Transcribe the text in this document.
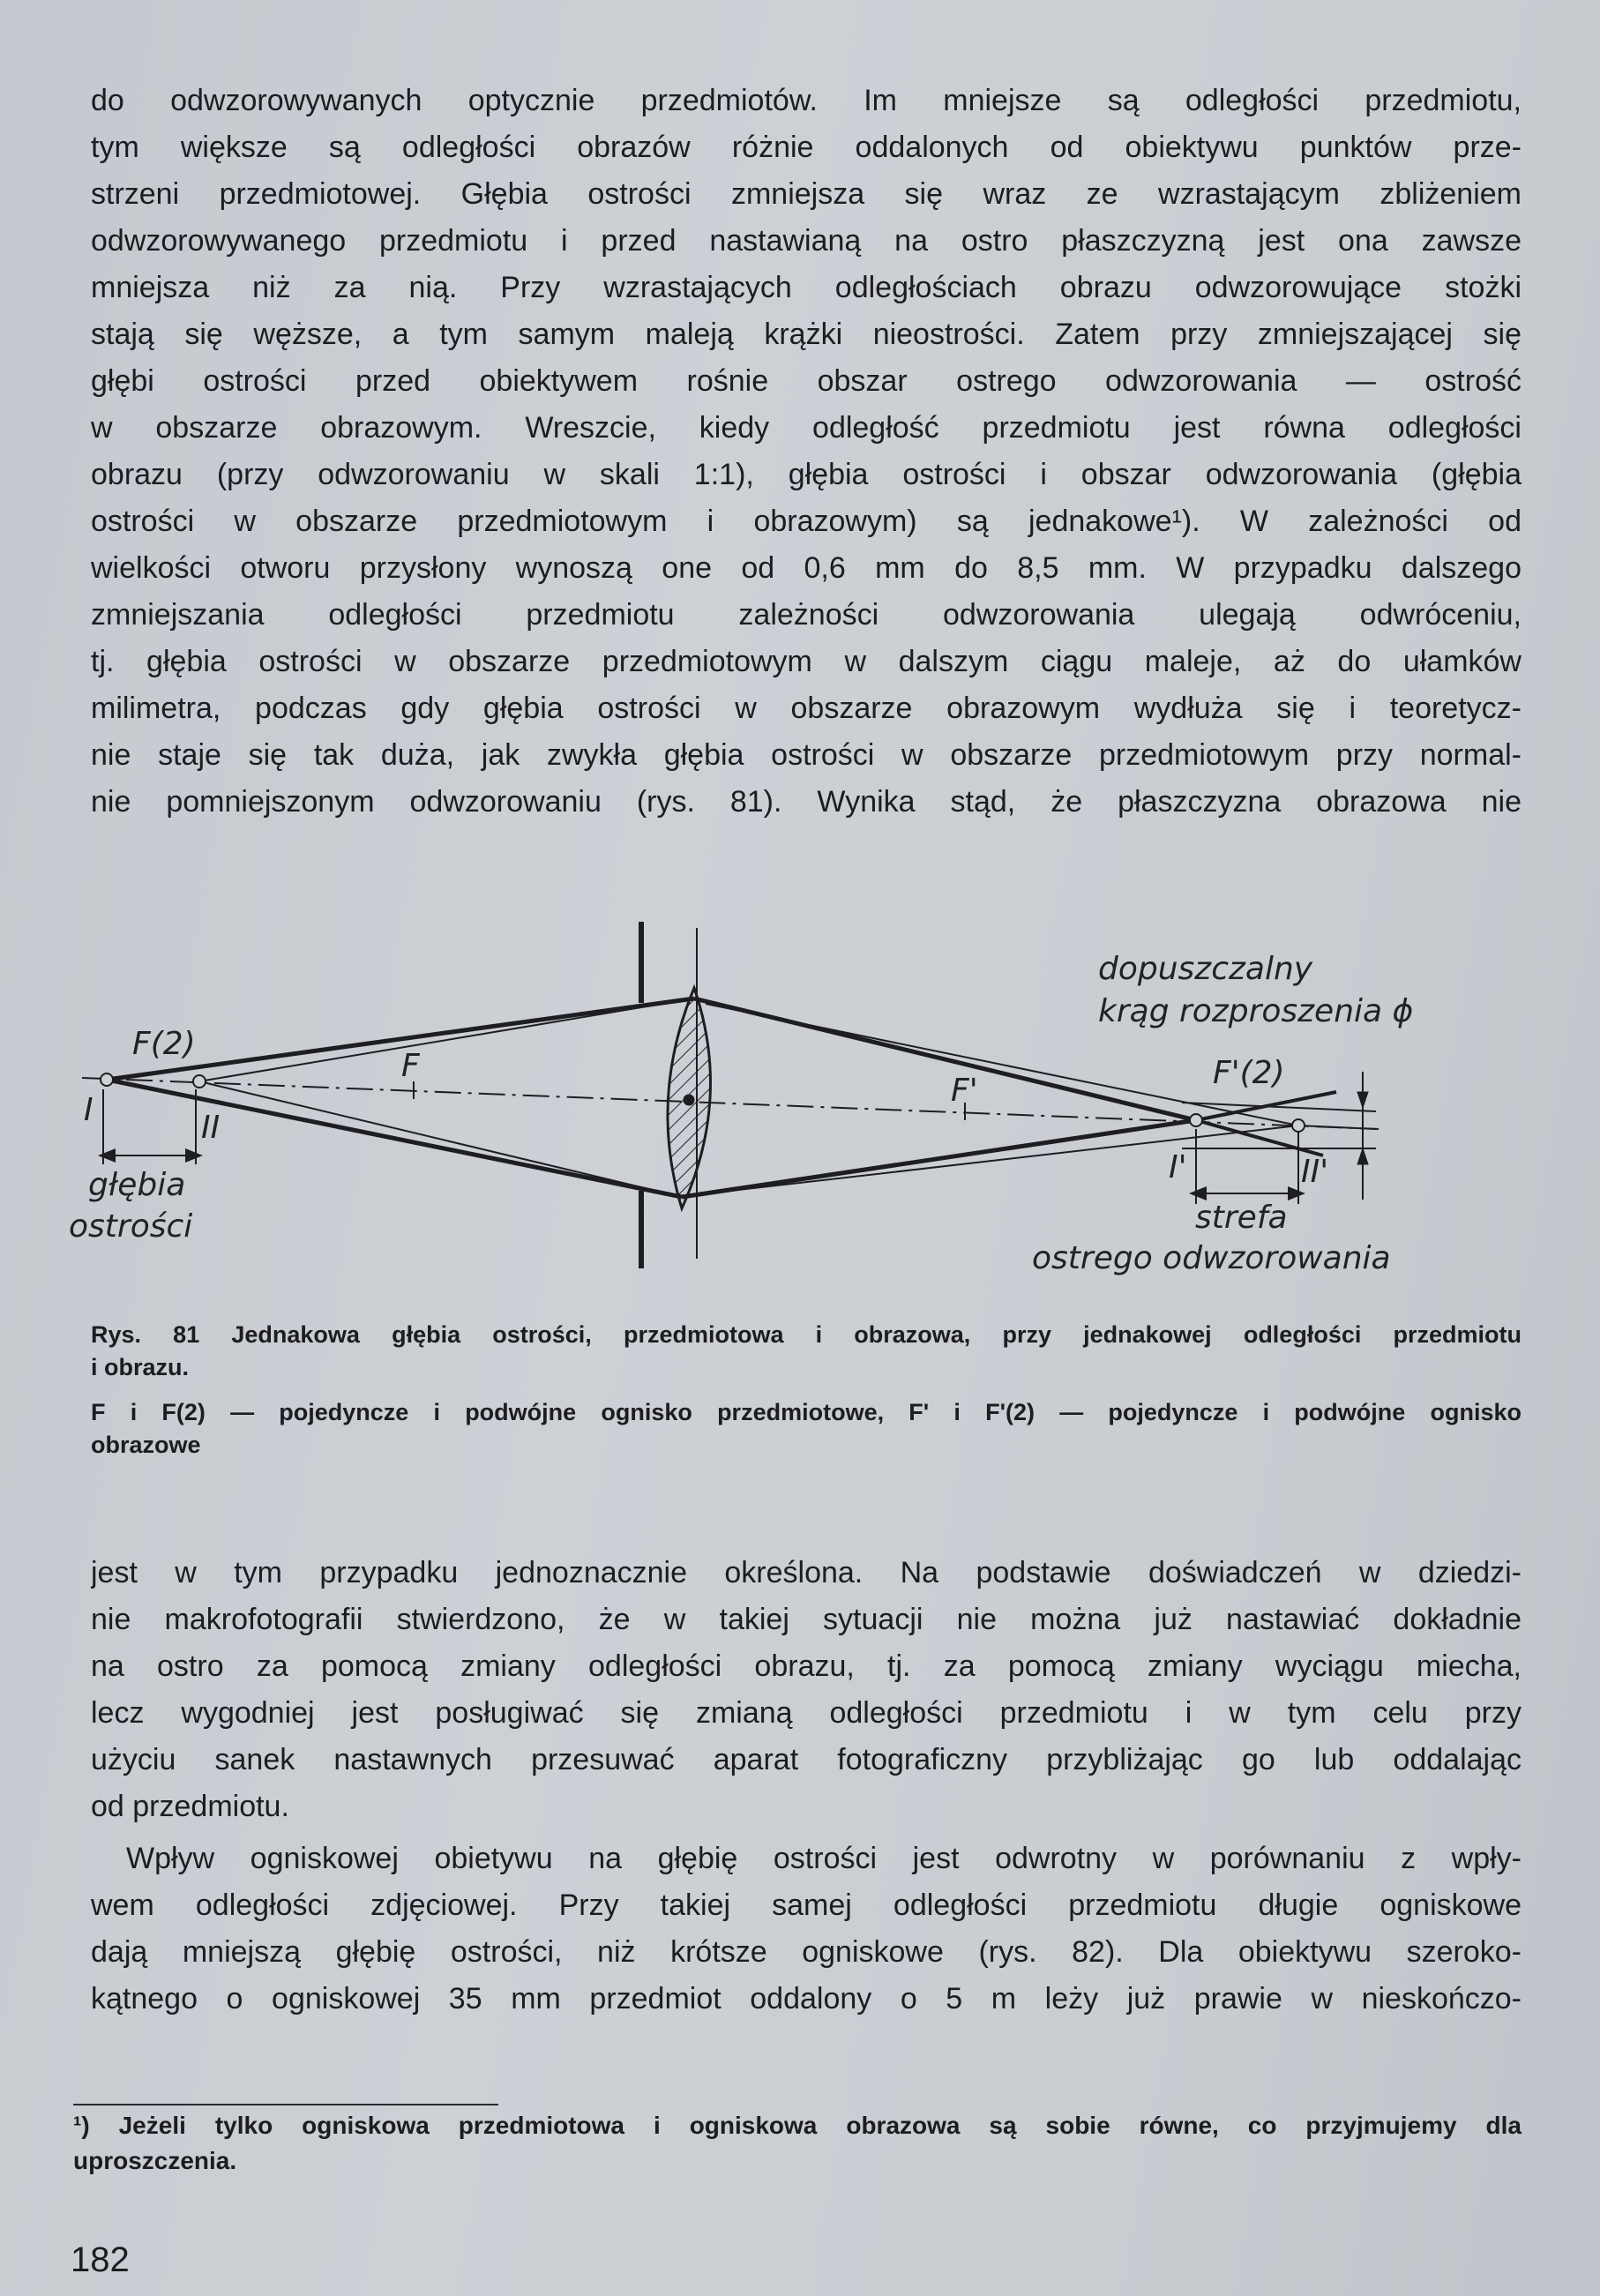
do odwzorowywanych optycznie przedmiotów. Im mniejsze są odległości przedmiotu,
tym większe są odległości obrazów różnie oddalonych od obiektywu punktów prze-
strzeni przedmiotowej. Głębia ostrości zmniejsza się wraz ze wzrastającym zbliżeniem
odwzorowywanego przedmiotu i przed nastawianą na ostro płaszczyzną jest ona zawsze
mniejsza niż za nią. Przy wzrastających odległościach obrazu odwzorowujące stożki
stają się węższe, a tym samym maleją krążki nieostrości. Zatem przy zmniejszającej się
głębi ostrości przed obiektywem rośnie obszar ostrego odwzorowania — ostrość
w obszarze obrazowym. Wreszcie, kiedy odległość przedmiotu jest równa odległości
obrazu (przy odwzorowaniu w skali 1:1), głębia ostrości i obszar odwzorowania (głębia
ostrości w obszarze przedmiotowym i obrazowym) są jednakowe¹). W zależności od
wielkości otworu przysłony wynoszą one od 0,6 mm do 8,5 mm. W przypadku dalszego
zmniejszania odległości przedmiotu zależności odwzorowania ulegają odwróceniu,
tj. głębia ostrości w obszarze przedmiotowym w dalszym ciągu maleje, aż do ułamków
milimetra, podczas gdy głębia ostrości w obszarze obrazowym wydłuża się i teoretycz-
nie staje się tak duża, jak zwykła głębia ostrości w obszarze przedmiotowym przy normal-
nie pomniejszonym odwzorowaniu (rys. 81). Wynika stąd, że płaszczyzna obrazowa nie
F(2)
F
F'	F'(2)
I	II
I'	II'
głębia
ostrości
dopuszczalny
krąg rozproszenia ϕ
strefa
ostrego odwzorowania
Rys. 81 Jednakowa głębia ostrości, przedmiotowa i obrazowa, przy jednakowej odległości przedmiotu
i obrazu.
F i F(2) — pojedyncze i podwójne ognisko przedmiotowe, F' i F'(2) — pojedyncze i podwójne ognisko
obrazowe
jest w tym przypadku jednoznacznie określona. Na podstawie doświadczeń w dziedzi-
nie makrofotografii stwierdzono, że w takiej sytuacji nie można już nastawiać dokładnie
na ostro za pomocą zmiany odległości obrazu, tj. za pomocą zmiany wyciągu miecha,
lecz wygodniej jest posługiwać się zmianą odległości przedmiotu i w tym celu przy
użyciu sanek nastawnych przesuwać aparat fotograficzny przybliżając go lub oddalając
od przedmiotu.
Wpływ ogniskowej obietywu na głębię ostrości jest odwrotny w porównaniu z wpły-
wem odległości zdjęciowej. Przy takiej samej odległości przedmiotu długie ogniskowe
dają mniejszą głębię ostrości, niż krótsze ogniskowe (rys. 82). Dla obiektywu szeroko-
kątnego o ogniskowej 35 mm przedmiot oddalony o 5 m leży już prawie w nieskończo-
¹) Jeżeli tylko ogniskowa przedmiotowa i ogniskowa obrazowa są sobie równe, co przyjmujemy dla
uproszczenia.
182
